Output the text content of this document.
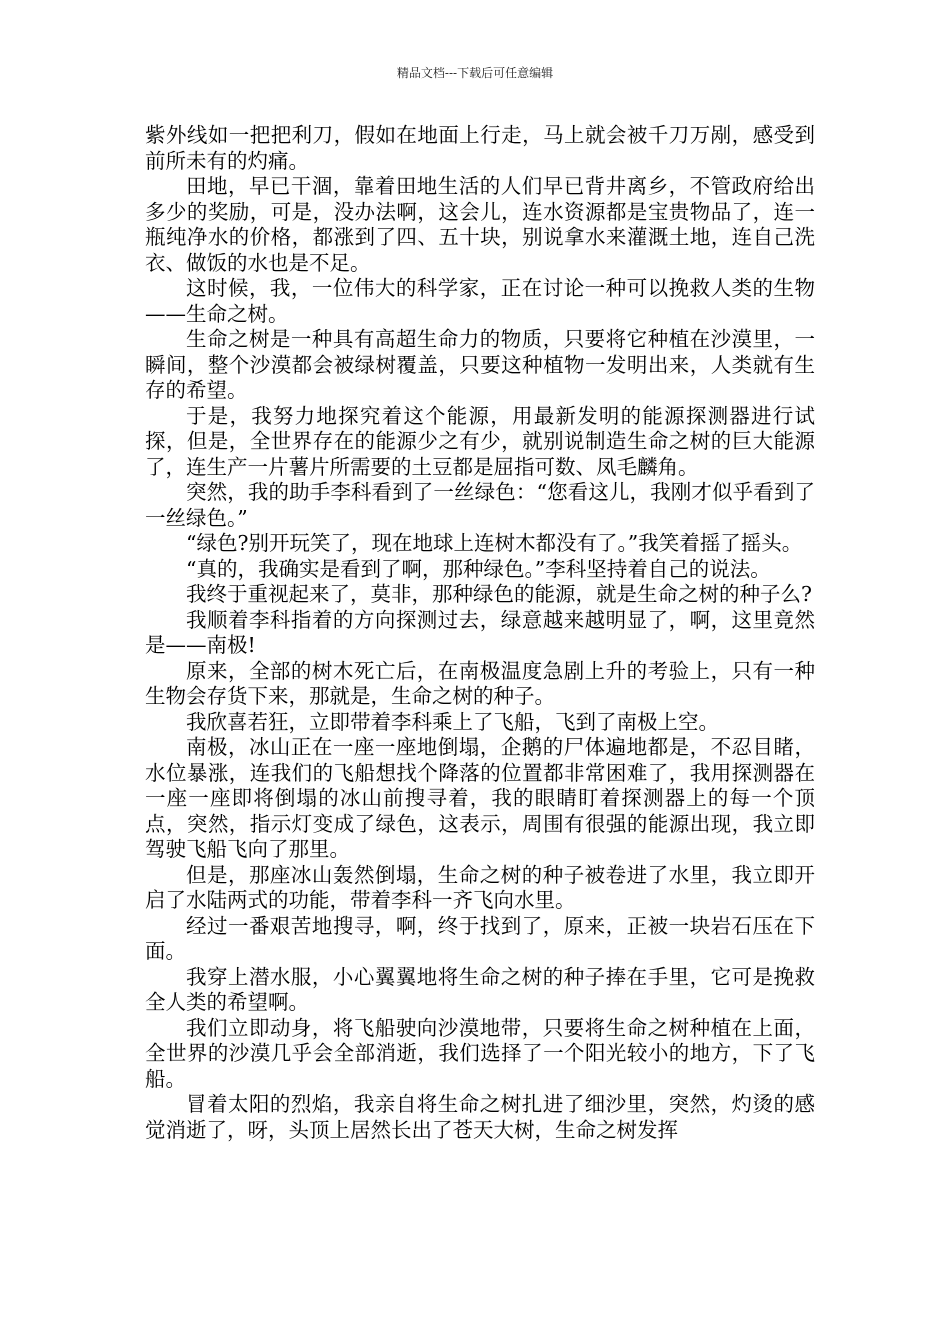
精品文档---下载后可任意编辑

紫外线如一把把利刀，假如在地面上行走，马上就会被千刀万剐，感受到前所未有的灼痛。

田地，早已干涸，靠着田地生活的人们早已背井离乡，不管政府给出多少的奖励，可是，没办法啊，这会儿，连水资源都是宝贵物品了，连一瓶纯净水的价格，都涨到了四、五十块，别说拿水来灌溉土地，连自己洗衣、做饭的水也是不足。

这时候，我，一位伟大的科学家，正在讨论一种可以挽救人类的生物——生命之树。

生命之树是一种具有高超生命力的物质，只要将它种植在沙漠里，一瞬间，整个沙漠都会被绿树覆盖，只要这种植物一发明出来，人类就有生存的希望。

于是，我努力地探究着这个能源，用最新发明的能源探测器进行试探，但是，全世界存在的能源少之有少，就别说制造生命之树的巨大能源了，连生产一片薯片所需要的土豆都是屈指可数、凤毛麟角。

突然，我的助手李科看到了一丝绿色：“您看这儿，我刚才似乎看到了一丝绿色。”

“绿色?别开玩笑了，现在地球上连树木都没有了。”我笑着摇了摇头。

“真的，我确实是看到了啊，那种绿色。”李科坚持着自己的说法。

我终于重视起来了，莫非，那种绿色的能源，就是生命之树的种子么?

我顺着李科指着的方向探测过去，绿意越来越明显了，啊，这里竟然是——南极!

原来，全部的树木死亡后，在南极温度急剧上升的考验上，只有一种生物会存货下来，那就是，生命之树的种子。

我欣喜若狂，立即带着李科乘上了飞船，飞到了南极上空。

南极，冰山正在一座一座地倒塌，企鹅的尸体遍地都是，不忍目睹，水位暴涨，连我们的飞船想找个降落的位置都非常困难了，我用探测器在一座一座即将倒塌的冰山前搜寻着，我的眼睛盯着探测器上的每一个顶点，突然，指示灯变成了绿色，这表示，周围有很强的能源出现，我立即驾驶飞船飞向了那里。

但是，那座冰山轰然倒塌，生命之树的种子被卷进了水里，我立即开启了水陆两式的功能，带着李科一齐飞向水里。

经过一番艰苦地搜寻，啊，终于找到了，原来，正被一块岩石压在下面。

我穿上潜水服，小心翼翼地将生命之树的种子捧在手里，它可是挽救全人类的希望啊。

我们立即动身，将飞船驶向沙漠地带，只要将生命之树种植在上面，全世界的沙漠几乎会全部消逝，我们选择了一个阳光较小的地方，下了飞船。

冒着太阳的烈焰，我亲自将生命之树扎进了细沙里，突然，灼烫的感觉消逝了，呀，头顶上居然长出了苍天大树，生命之树发挥
